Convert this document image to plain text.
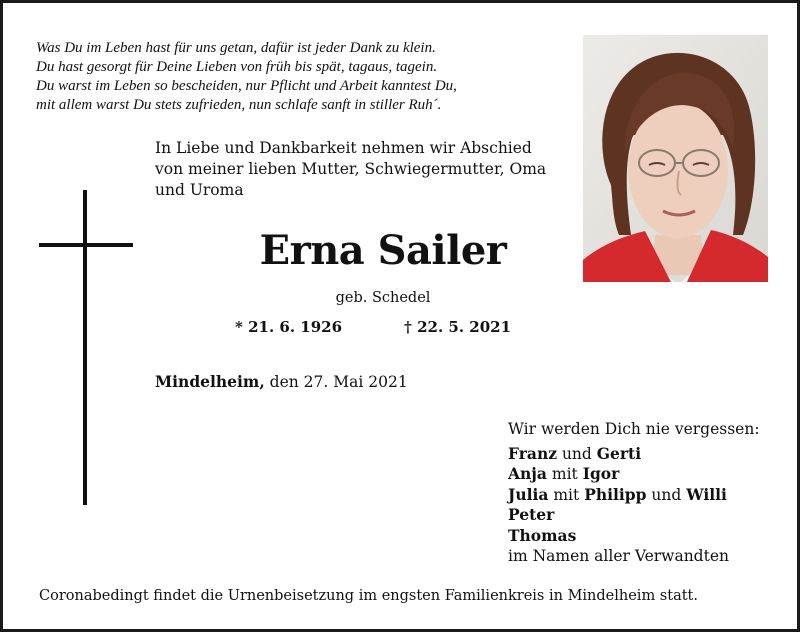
Was Du im Leben hast für uns getan, dafür ist jeder Dank zu klein.
Du hast gesorgt für Deine Lieben von früh bis spät, tagaus, tagein.
Du warst im Leben so bescheiden, nur Pflicht und Arbeit kanntest Du,
mit allem warst Du stets zufrieden, nun schlafe sanft in stiller Ruh´.
In Liebe und Dankbarkeit nehmen wir Abschied
von meiner lieben Mutter, Schwiegermutter, Oma
und Uroma
Erna Sailer
geb. Schedel
* 21. 6. 1926	† 22. 5. 2021
Mindelheim, den 27. Mai 2021
Wir werden Dich nie vergessen:
Franz und Gerti
Anja mit Igor
Julia mit Philipp und Willi
Peter
Thomas
im Namen aller Verwandten
Coronabedingt findet die Urnenbeisetzung im engsten Familienkreis in Mindelheim statt.
